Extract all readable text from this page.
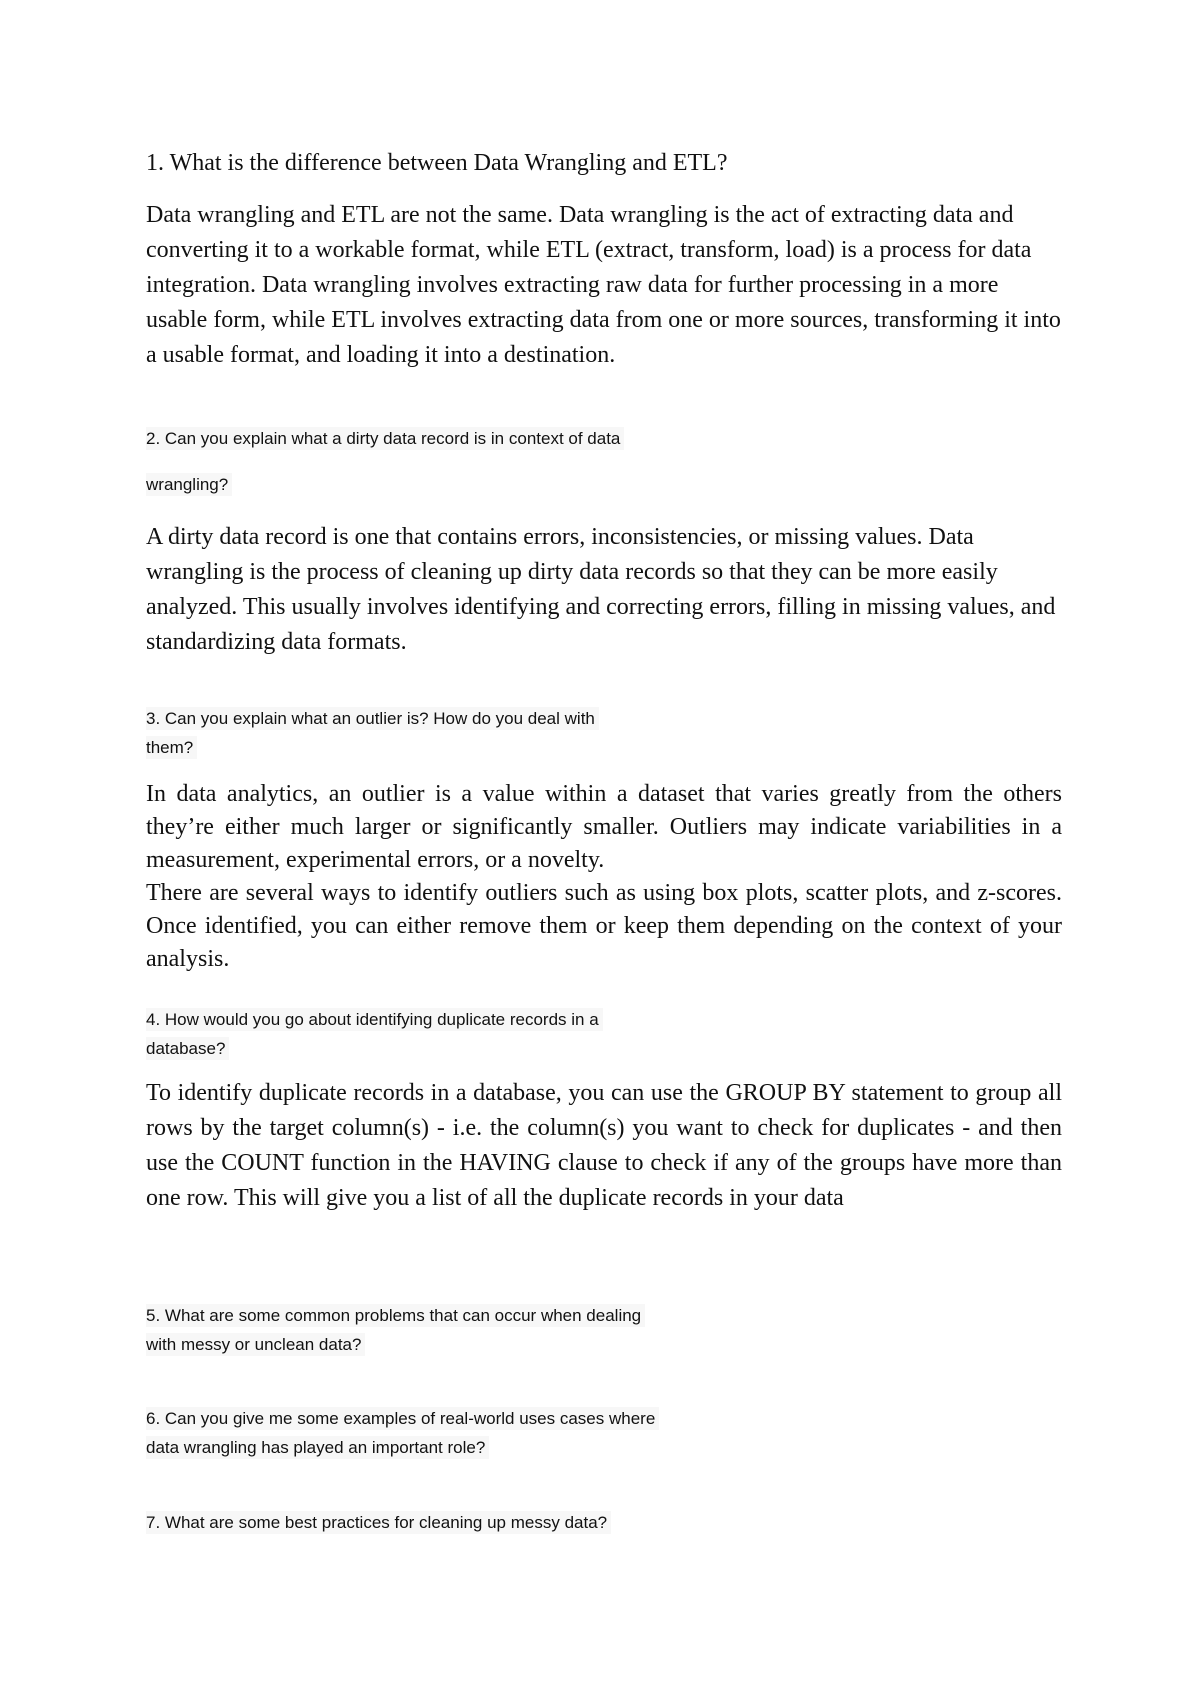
1. What is the difference between Data Wrangling and ETL?

Data wrangling and ETL are not the same. Data wrangling is the act of extracting data and converting it to a workable format, while ETL (extract, transform, load) is a process for data integration. Data wrangling involves extracting raw data for further processing in a more usable form, while ETL involves extracting data from one or more sources, transforming it into a usable format, and loading it into a destination.

2. Can you explain what a dirty data record is in context of data

wrangling?

A dirty data record is one that contains errors, inconsistencies, or missing values. Data wrangling is the process of cleaning up dirty data records so that they can be more easily analyzed. This usually involves identifying and correcting errors, filling in missing values, and standardizing data formats.

3. Can you explain what an outlier is? How do you deal with

them?

In data analytics, an outlier is a value within a dataset that varies greatly from the others they’re either much larger or significantly smaller. Outliers may indicate variabilities in a measurement, experimental errors, or a novelty.
There are several ways to identify outliers such as using box plots, scatter plots, and z-scores. Once identified, you can either remove them or keep them depending on the context of your analysis.

4. How would you go about identifying duplicate records in a

database?

To identify duplicate records in a database, you can use the GROUP BY statement to group all rows by the target column(s) - i.e. the column(s) you want to check for duplicates - and then use the COUNT function in the HAVING clause to check if any of the groups have more than one row. This will give you a list of all the duplicate records in your data

5. What are some common problems that can occur when dealing

with messy or unclean data?

6. Can you give me some examples of real-world uses cases where

data wrangling has played an important role?

7. What are some best practices for cleaning up messy data?
